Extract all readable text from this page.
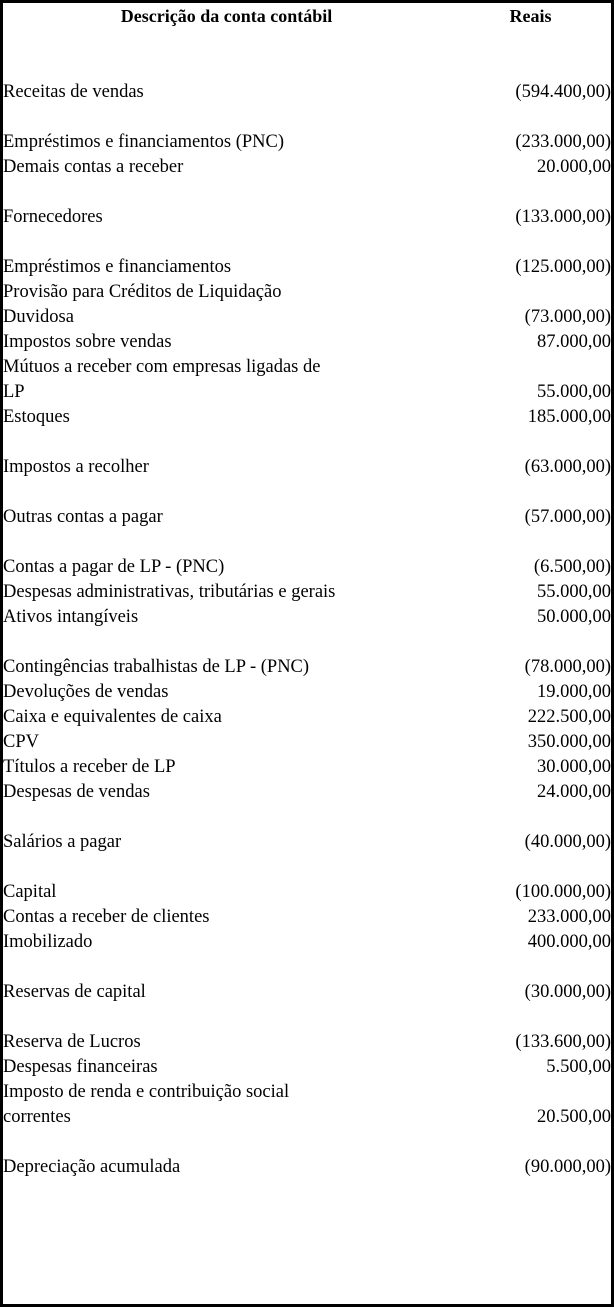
Descrição da conta contábil	Reais

Receitas de vendas	(594.400,00)

Empréstimos e financiamentos (PNC)	(233.000,00)
Demais contas a receber	20.000,00

Fornecedores	(133.000,00)

Empréstimos e financiamentos	(125.000,00)

Provisão para Créditos de Liquidação
Duvidosa	(73.000,00)
Impostos sobre vendas	87.000,00

Mútuos a receber com empresas ligadas de
LP	55.000,00
Estoques	185.000,00

Impostos a recolher	(63.000,00)

Outras contas a pagar	(57.000,00)

Contas a pagar de LP - (PNC)	(6.500,00)
Despesas administrativas, tributárias e gerais	55.000,00
Ativos intangíveis	50.000,00

Contingências trabalhistas de LP - (PNC)	(78.000,00)
Devoluções de vendas	19.000,00
Caixa e equivalentes de caixa	222.500,00
CPV	350.000,00
Títulos a receber de LP	30.000,00
Despesas de vendas	24.000,00

Salários a pagar	(40.000,00)

Capital	(100.000,00)
Contas a receber de clientes	233.000,00
Imobilizado	400.000,00

Reservas de capital	(30.000,00)

Reserva de Lucros	(133.600,00)
Despesas financeiras	5.500,00

Imposto de renda e contribuição social
correntes	20.500,00

Depreciação acumulada	(90.000,00)
